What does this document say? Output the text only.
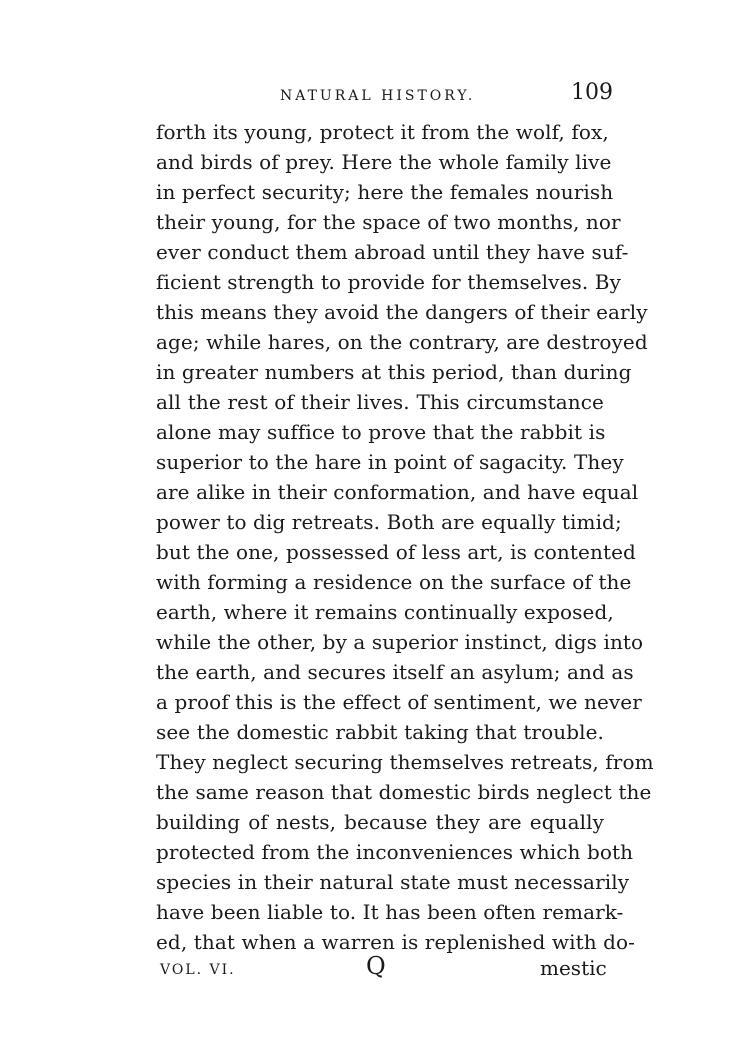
NATURAL HISTORY.	109
forth its young, protect it from the wolf, fox,
and birds of prey. Here the whole family live
in perfect security; here the females nourish
their young, for the space of two months, nor
ever conduct them abroad until they have suf-
ficient strength to provide for themselves. By
this means they avoid the dangers of their early
age; while hares, on the contrary, are destroyed
in greater numbers at this period, than during
all the rest of their lives. This circumstance
alone may suffice to prove that the rabbit is
superior to the hare in point of sagacity. They
are alike in their conformation, and have equal
power to dig retreats. Both are equally timid;
but the one, possessed of less art, is contented
with forming a residence on the surface of the
earth, where it remains continually exposed,
while the other, by a superior instinct, digs into
the earth, and secures itself an asylum; and as
a proof this is the effect of sentiment, we never
see the domestic rabbit taking that trouble.
They neglect securing themselves retreats, from
the same reason that domestic birds neglect the
building of nests, because they are equally
protected from the inconveniences which both
species in their natural state must necessarily
have been liable to. It has been often remark-
ed, that when a warren is replenished with do-
VOL. VI.	Q	mestic
